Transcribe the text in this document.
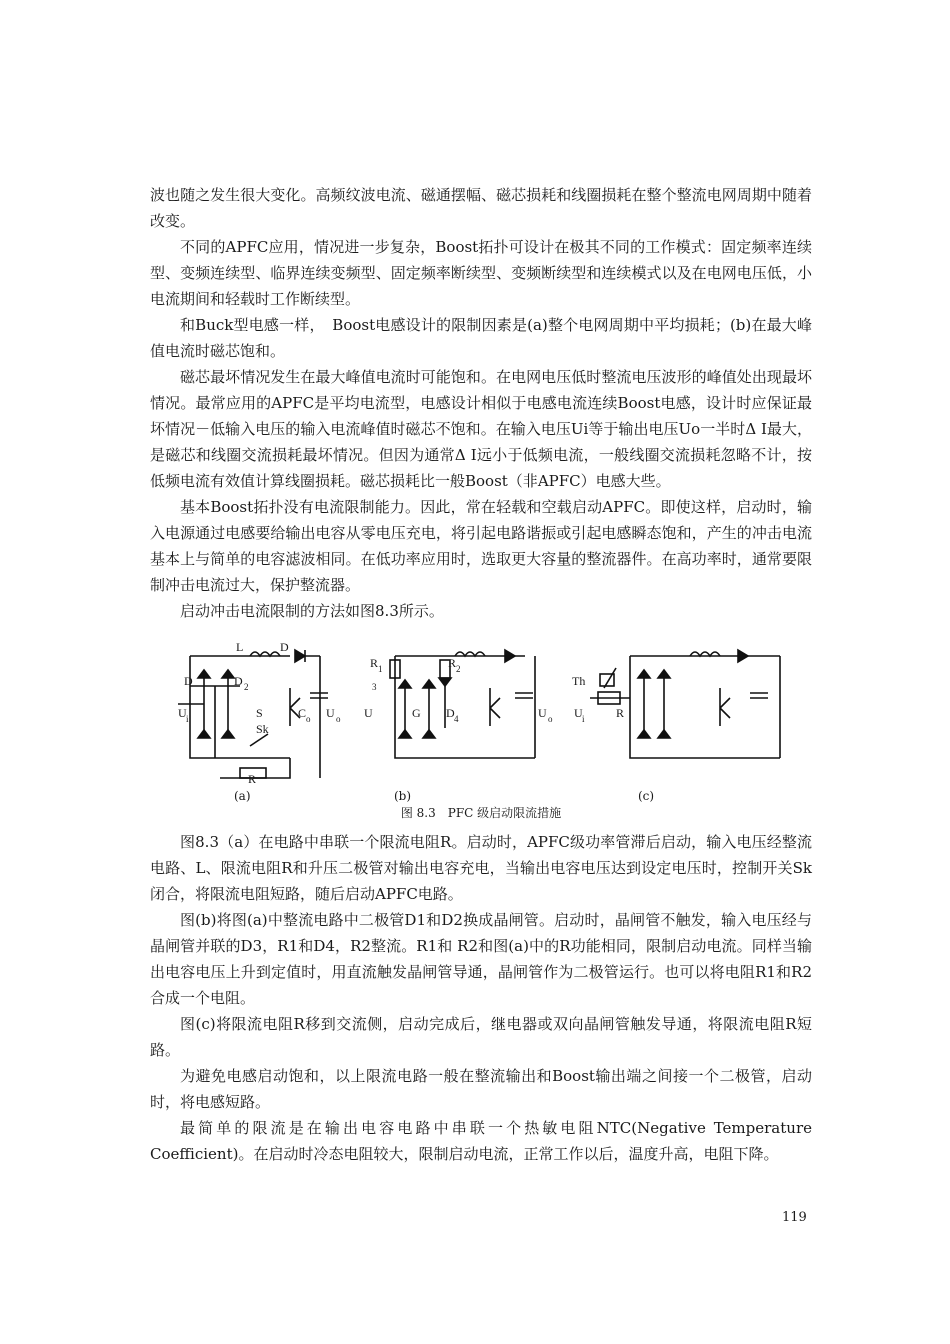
波也随之发生很大变化。高频纹波电流、磁通摆幅、磁芯损耗和线圈损耗在整个整流电网周期中随着改变。

不同的APFC应用，情况进一步复杂，Boost拓扑可设计在极其不同的工作模式：固定频率连续型、变频连续型、临界连续变频型、固定频率断续型、变频断续型和连续模式以及在电网电压低，小电流期间和轻载时工作断续型。

和Buck型电感一样，　Boost电感设计的限制因素是(a)整个电网周期中平均损耗；(b)在最大峰值电流时磁芯饱和。

磁芯最坏情况发生在最大峰值电流时可能饱和。在电网电压低时整流电压波形的峰值处出现最坏情况。最常应用的APFC是平均电流型，电感设计相似于电感电流连续Boost电感，设计时应保证最坏情况－低输入电压的输入电流峰值时磁芯不饱和。在输入电压Ui等于输出电压Uo一半时Δ I最大，是磁芯和线圈交流损耗最坏情况。但因为通常Δ I远小于低频电流，一般线圈交流损耗忽略不计，按低频电流有效值计算线圈损耗。磁芯损耗比一般Boost（非APFC）电感大些。

基本Boost拓扑没有电流限制能力。因此，常在轻载和空载启动APFC。即使这样，启动时，输入电源通过电感要给输出电容从零电压充电，将引起电路谐振或引起电感瞬态饱和，产生的冲击电流基本上与简单的电容滤波相同。在低功率应用时，选取更大容量的整流器件。在高功率时，通常要限制冲击电流过大，保护整流器。

启动冲击电流限制的方法如图8.3所示。

L	D
D	D 2
U i	S	C o U o
Sk
R
R 1	R 2
3
U	G D 4	U o
Th
U i	R
(a)	(b)	(c)
图 8.3　PFC 级启动限流措施

图8.3（a）在电路中串联一个限流电阻R。启动时，APFC级功率管滞后启动，输入电压经整流电路、L、限流电阻R和升压二极管对输出电容充电，当输出电容电压达到设定电压时，控制开关Sk闭合，将限流电阻短路，随后启动APFC电路。

图(b)将图(a)中整流电路中二极管D1和D2换成晶闸管。启动时，晶闸管不触发，输入电压经与晶闸管并联的D3，R1和D4，R2整流。R1和 R2和图(a)中的R功能相同，限制启动电流。同样当输出电容电压上升到定值时，用直流触发晶闸管导通，晶闸管作为二极管运行。也可以将电阻R1和R2合成一个电阻。

图(c)将限流电阻R移到交流侧，启动完成后，继电器或双向晶闸管触发导通，将限流电阻R短路。

为避免电感启动饱和，以上限流电路一般在整流输出和Boost输出端之间接一个二极管，启动时，将电感短路。

最简单的限流是在输出电容电路中串联一个热敏电阻NTC(Negative Temperature Coefficient)。在启动时冷态电阻较大，限制启动电流，正常工作以后，温度升高，电阻下降。

119
